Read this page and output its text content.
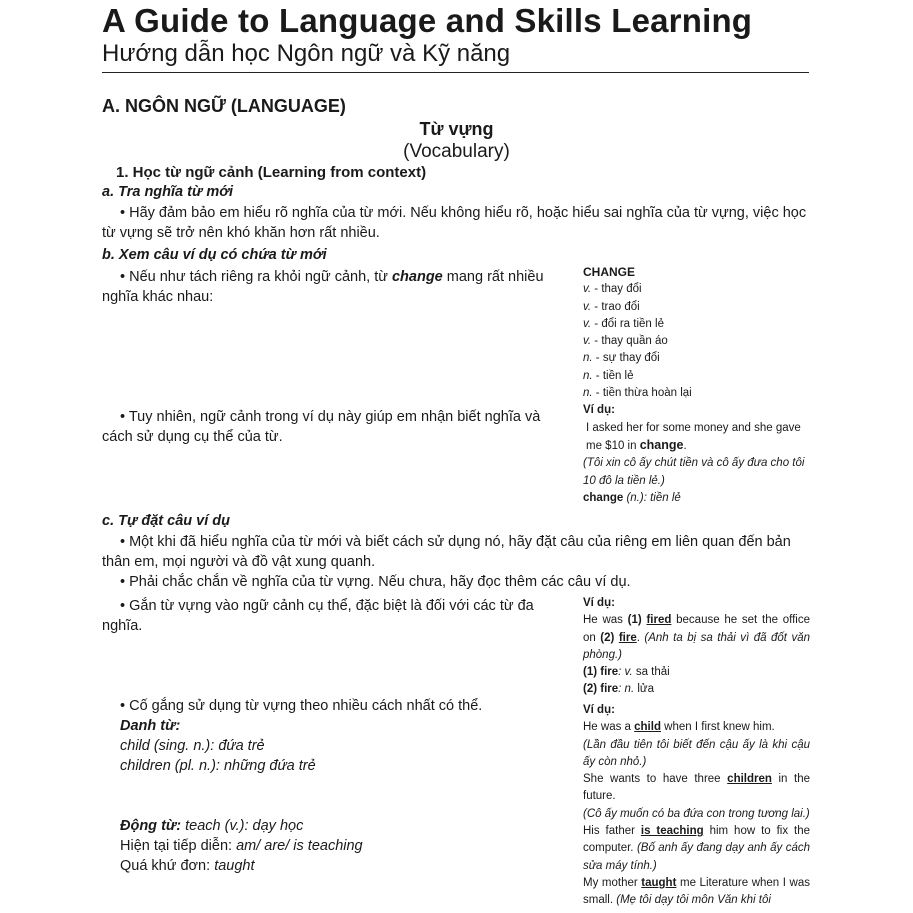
A Guide to Language and Skills Learning
Hướng dẫn học Ngôn ngữ và Kỹ năng
A. NGÔN NGỮ (LANGUAGE)
Từ vựng
(Vocabulary)
1. Học từ ngữ cảnh (Learning from context)
a. Tra nghĩa từ mới
• Hãy đảm bảo em hiểu rõ nghĩa của từ mới. Nếu không hiểu rõ, hoặc hiểu sai nghĩa của từ vựng, việc học từ vựng sẽ trở nên khó khăn hơn rất nhiều.
b. Xem câu ví dụ có chứa từ mới
• Nếu như tách riêng ra khỏi ngữ cảnh, từ change mang rất nhiều nghĩa khác nhau:
• Tuy nhiên, ngữ cảnh trong ví dụ này giúp em nhận biết nghĩa và cách sử dụng cụ thể của từ.
CHANGE
v. - thay đổi
v. - trao đổi
v. - đổi ra tiền lẻ
v. - thay quần áo
n. - sự thay đổi
n. - tiền lẻ
n. - tiền thừa hoàn lại
Ví dụ:
I asked her for some money and she gave me $10 in change.
(Tôi xin cô ấy chút tiền và cô ấy đưa cho tôi 10 đô la tiền lẻ.)
change (n.): tiền lẻ
c. Tự đặt câu ví dụ
• Một khi đã hiểu nghĩa của từ mới và biết cách sử dụng nó, hãy đặt câu của riêng em liên quan đến bản thân em, mọi người và đồ vật xung quanh.
• Phải chắc chắn về nghĩa của từ vựng. Nếu chưa, hãy đọc thêm các câu ví dụ.
• Gắn từ vựng vào ngữ cảnh cụ thể, đặc biệt là đối với các từ đa nghĩa.
Ví dụ:
He was (1) fired because he set the office on (2) fire. (Anh ta bị sa thải vì đã đốt văn phòng.)
(1) fire: v. sa thải
(2) fire: n. lửa
• Cố gắng sử dụng từ vựng theo nhiều cách nhất có thể.
Danh từ:
child (sing. n.): đứa trẻ
children (pl. n.): những đứa trẻ
Động từ: teach (v.): dạy học
Hiện tại tiếp diễn: am/ are/ is teaching
Quá khứ đơn: taught
Ví dụ:
He was a child when I first knew him.
(Lần đầu tiên tôi biết đến cậu ấy là khi cậu ấy còn nhỏ.)
She wants to have three children in the future.
(Cô ấy muốn có ba đứa con trong tương lai.)
His father is teaching him how to fix the computer. (Bố anh ấy đang dạy anh ấy cách sửa máy tính.)
My mother taught me Literature when I was small. (Mẹ tôi dạy tôi môn Văn khi tôi
